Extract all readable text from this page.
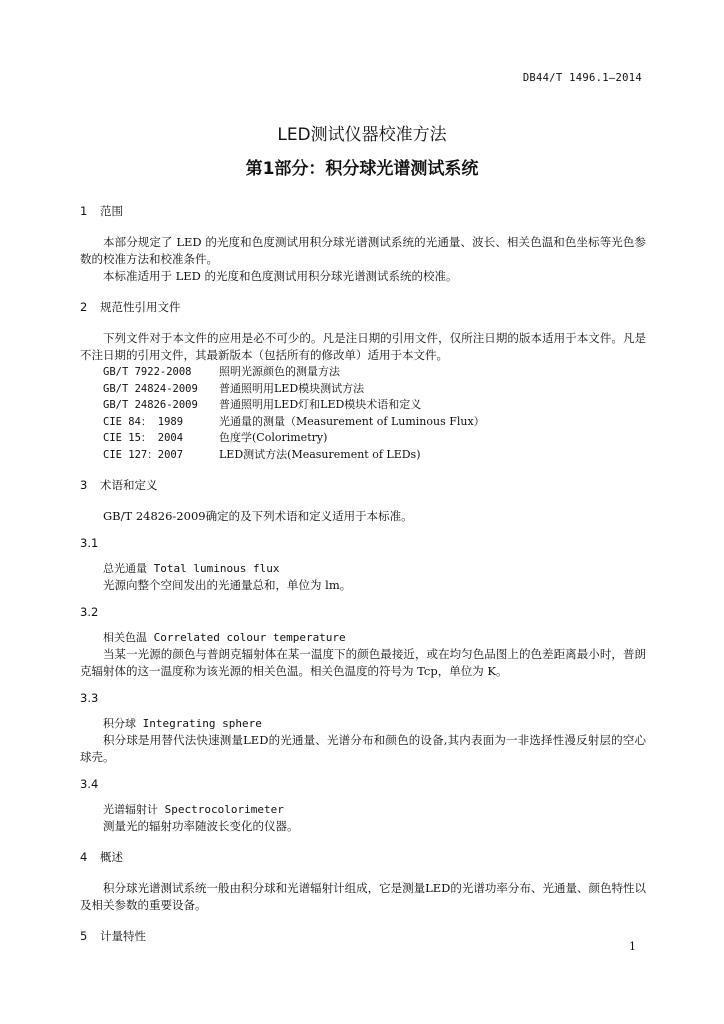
DB44/T 1496.1—2014
LED测试仪器校准方法
第1部分：积分球光谱测试系统
1	范围
本部分规定了 LED 的光度和色度测试用积分球光谱测试系统的光通量、波长、相关色温和色坐标等光色参数的校准方法和校准条件。
本标准适用于 LED 的光度和色度测试用积分球光谱测试系统的校准。
2	规范性引用文件
下列文件对于本文件的应用是必不可少的。凡是注日期的引用文件，仅所注日期的版本适用于本文件。凡是不注日期的引用文件，其最新版本（包括所有的修改单）适用于本文件。
GB/T 7922-2008	照明光源颜色的测量方法
GB/T 24824-2009	普通照明用LED模块测试方法
GB/T 24826-2009	普通照明用LED灯和LED模块术语和定义
CIE 84： 1989	光通量的测量（Measurement of Luminous Flux）
CIE 15： 2004	色度学(Colorimetry)
CIE 127：2007	LED测试方法(Measurement of LEDs)
3	术语和定义
GB/T 24826-2009确定的及下列术语和定义适用于本标准。
3.1
总光通量 Total luminous flux
光源向整个空间发出的光通量总和，单位为 lm。
3.2
相关色温 Correlated colour temperature
当某一光源的颜色与普朗克辐射体在某一温度下的颜色最接近，或在均匀色品图上的色差距离最小时，普朗克辐射体的这一温度称为该光源的相关色温。相关色温度的符号为 Tcp，单位为 K。
3.3
积分球 Integrating sphere
积分球是用替代法快速测量LED的光通量、光谱分布和颜色的设备,其内表面为一非选择性漫反射层的空心球壳。
3.4
光谱辐射计 Spectrocolorimeter
测量光的辐射功率随波长变化的仪器。
4	概述
积分球光谱测试系统一般由积分球和光谱辐射计组成，它是测量LED的光谱功率分布、光通量、颜色特性以及相关参数的重要设备。
5	计量特性
1
